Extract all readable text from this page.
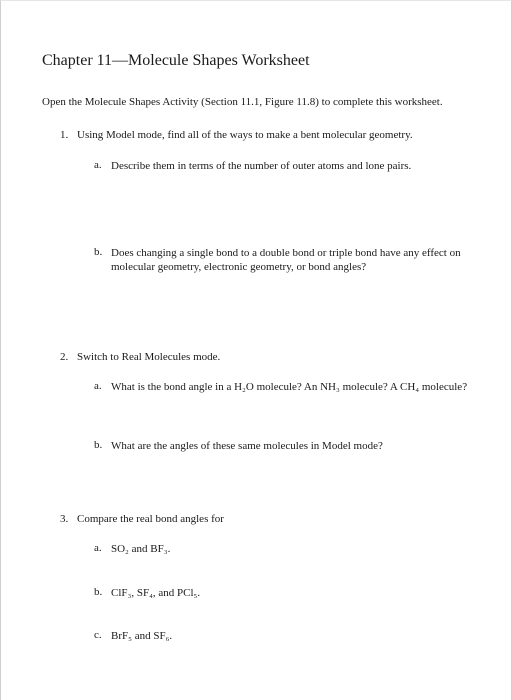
Chapter 11—Molecule Shapes Worksheet
Open the Molecule Shapes Activity (Section 11.1, Figure 11.8) to complete this worksheet.
1. Using Model mode, find all of the ways to make a bent molecular geometry.
a. Describe them in terms of the number of outer atoms and lone pairs.
b. Does changing a single bond to a double bond or triple bond have any effect on molecular geometry, electronic geometry, or bond angles?
2. Switch to Real Molecules mode.
a. What is the bond angle in a H₂O molecule? An NH₃ molecule? A CH₄ molecule?
b. What are the angles of these same molecules in Model mode?
3. Compare the real bond angles for
a. SO₂ and BF₃.
b. ClF₃, SF₄, and PCl₅.
c. BrF₅ and SF₆.
